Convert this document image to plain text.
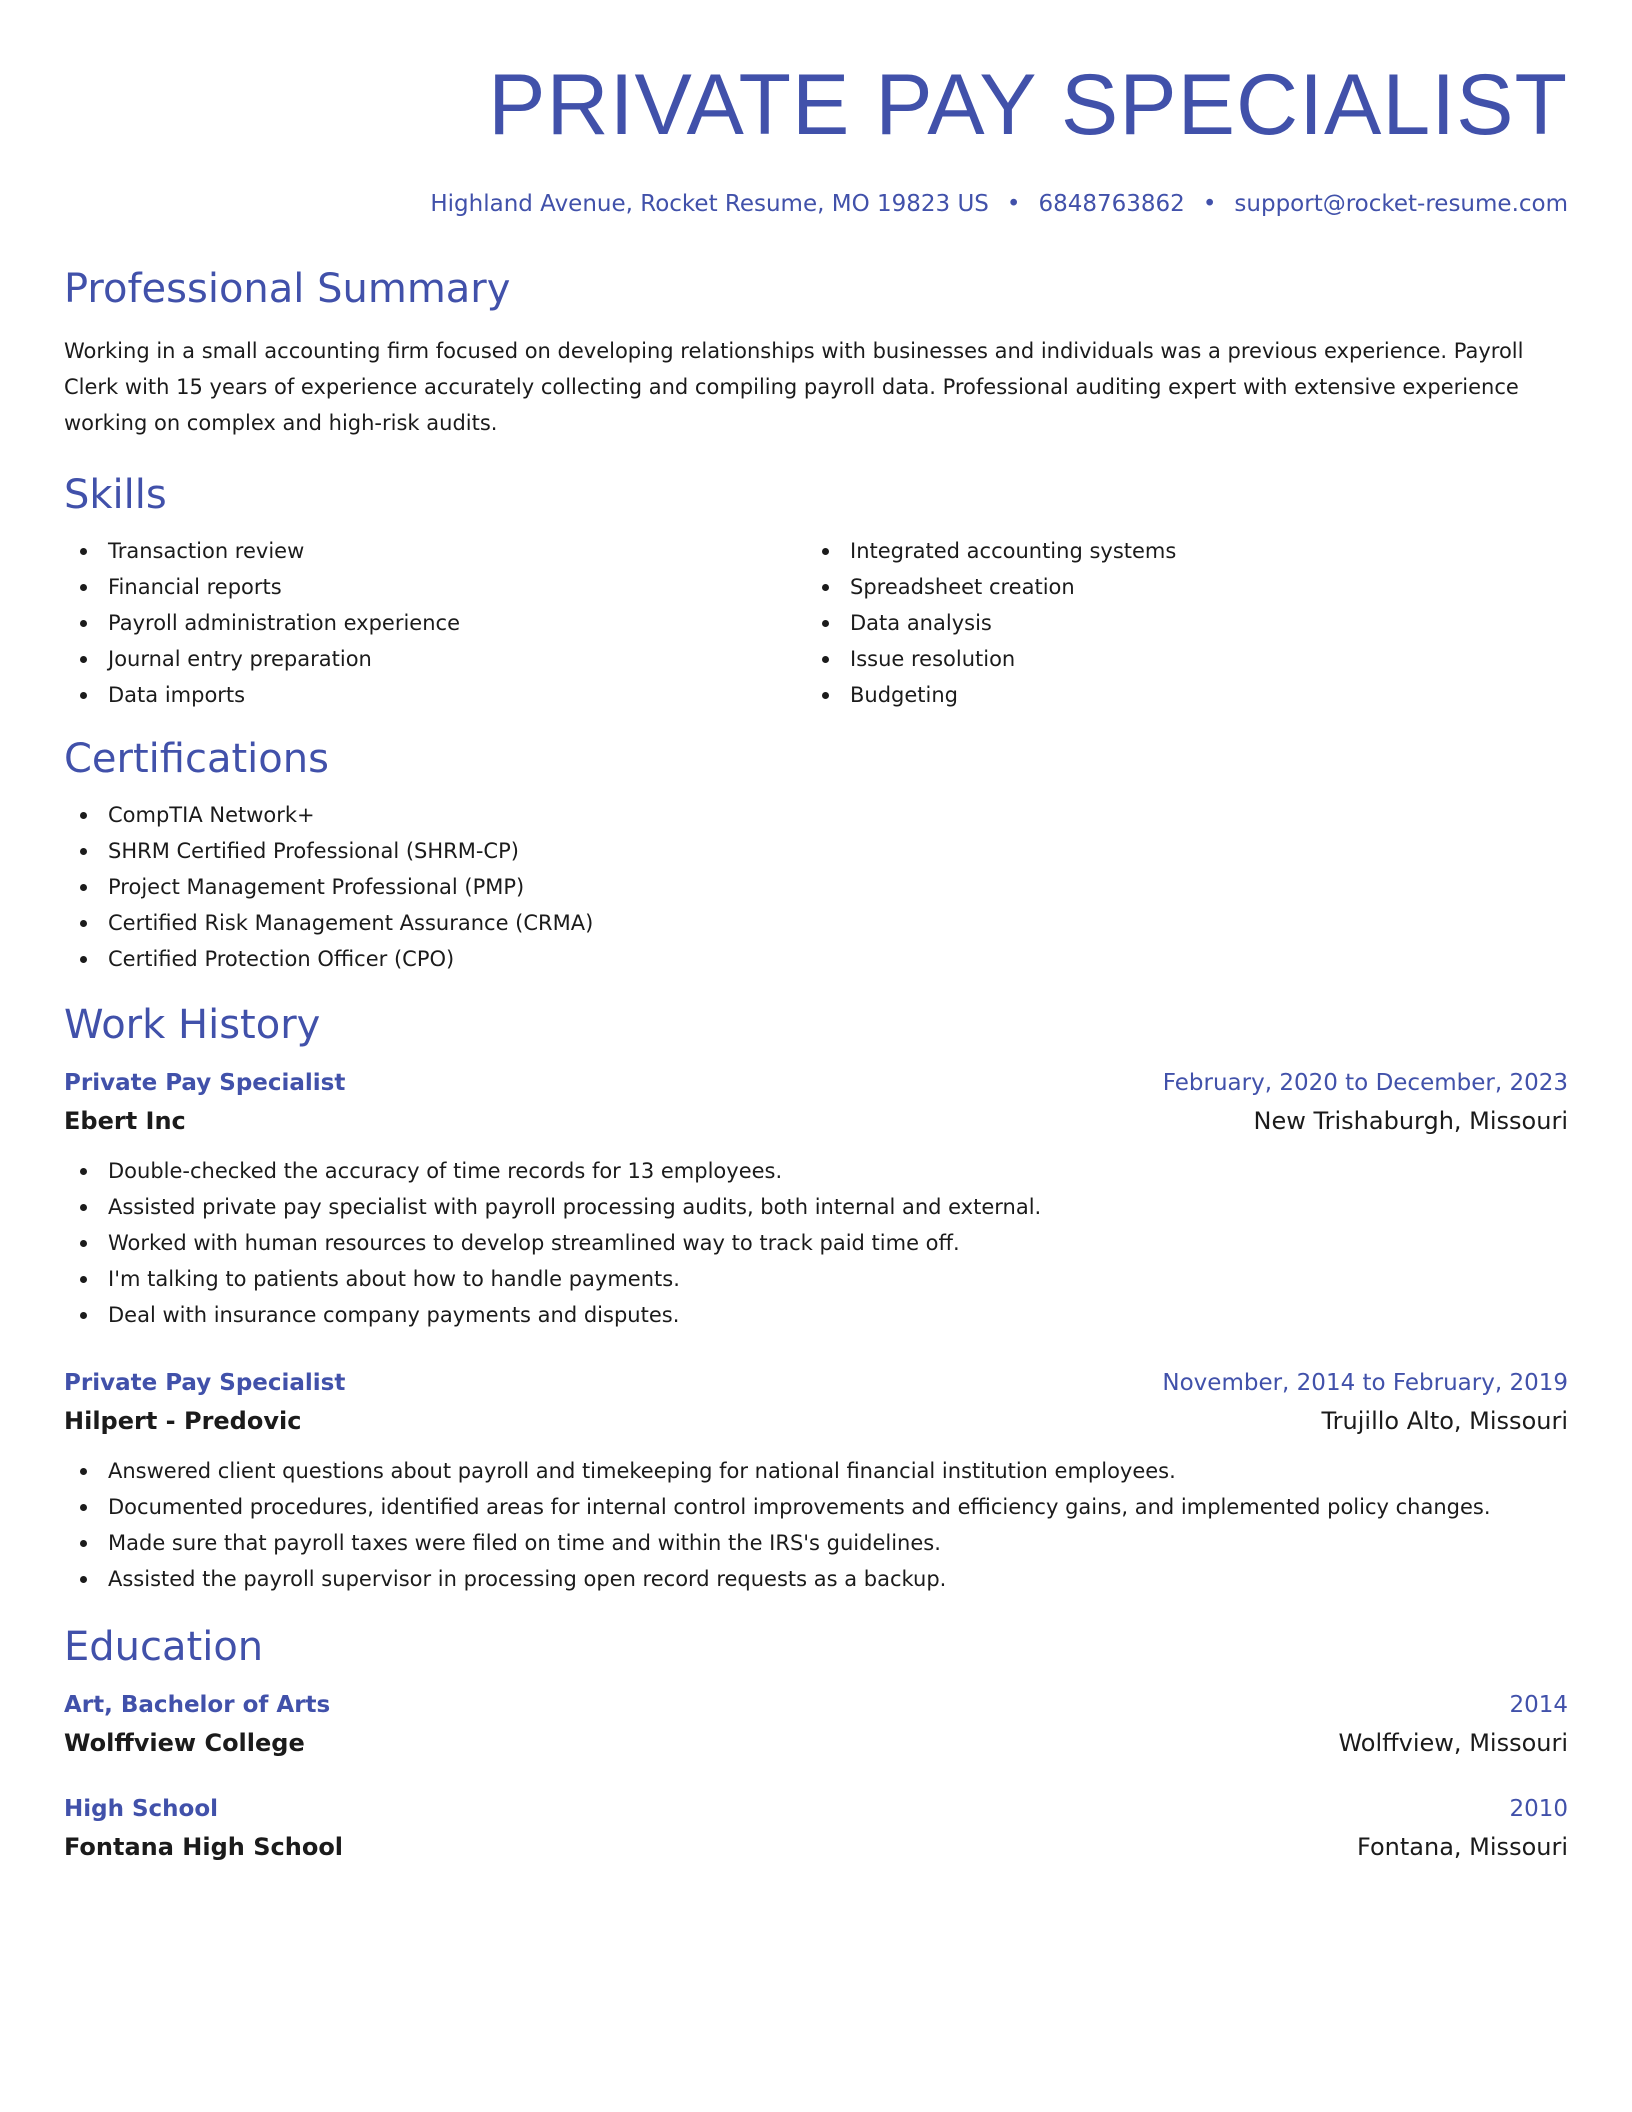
PRIVATE PAY SPECIALIST
Highland Avenue, Rocket Resume, MO 19823 US • 6848763862 • support@rocket-resume.com
Professional Summary

Working in a small accounting firm focused on developing relationships with businesses and individuals was a previous experience. Payroll Clerk with 15 years of experience accurately collecting and compiling payroll data. Professional auditing expert with extensive experience working on complex and high-risk audits.

Skills
Transaction review
Financial reports
Payroll administration experience
Journal entry preparation
Data imports
Integrated accounting systems
Spreadsheet creation
Data analysis
Issue resolution
Budgeting
Certifications
CompTIA Network+
SHRM Certified Professional (SHRM-CP)
Project Management Professional (PMP)
Certified Risk Management Assurance (CRMA)
Certified Protection Officer (CPO)
Work History
Private Pay Specialist	February, 2020 to December, 2023
Ebert Inc	New Trishaburgh, Missouri
Double-checked the accuracy of time records for 13 employees.
Assisted private pay specialist with payroll processing audits, both internal and external.
Worked with human resources to develop streamlined way to track paid time off.
I'm talking to patients about how to handle payments.
Deal with insurance company payments and disputes.
Private Pay Specialist	November, 2014 to February, 2019
Hilpert - Predovic	Trujillo Alto, Missouri
Answered client questions about payroll and timekeeping for national financial institution employees.
Documented procedures, identified areas for internal control improvements and efficiency gains, and implemented policy changes.
Made sure that payroll taxes were filed on time and within the IRS's guidelines.
Assisted the payroll supervisor in processing open record requests as a backup.
Education
Art, Bachelor of Arts	2014
Wolffview College	Wolffview, Missouri
High School	2010
Fontana High School	Fontana, Missouri
